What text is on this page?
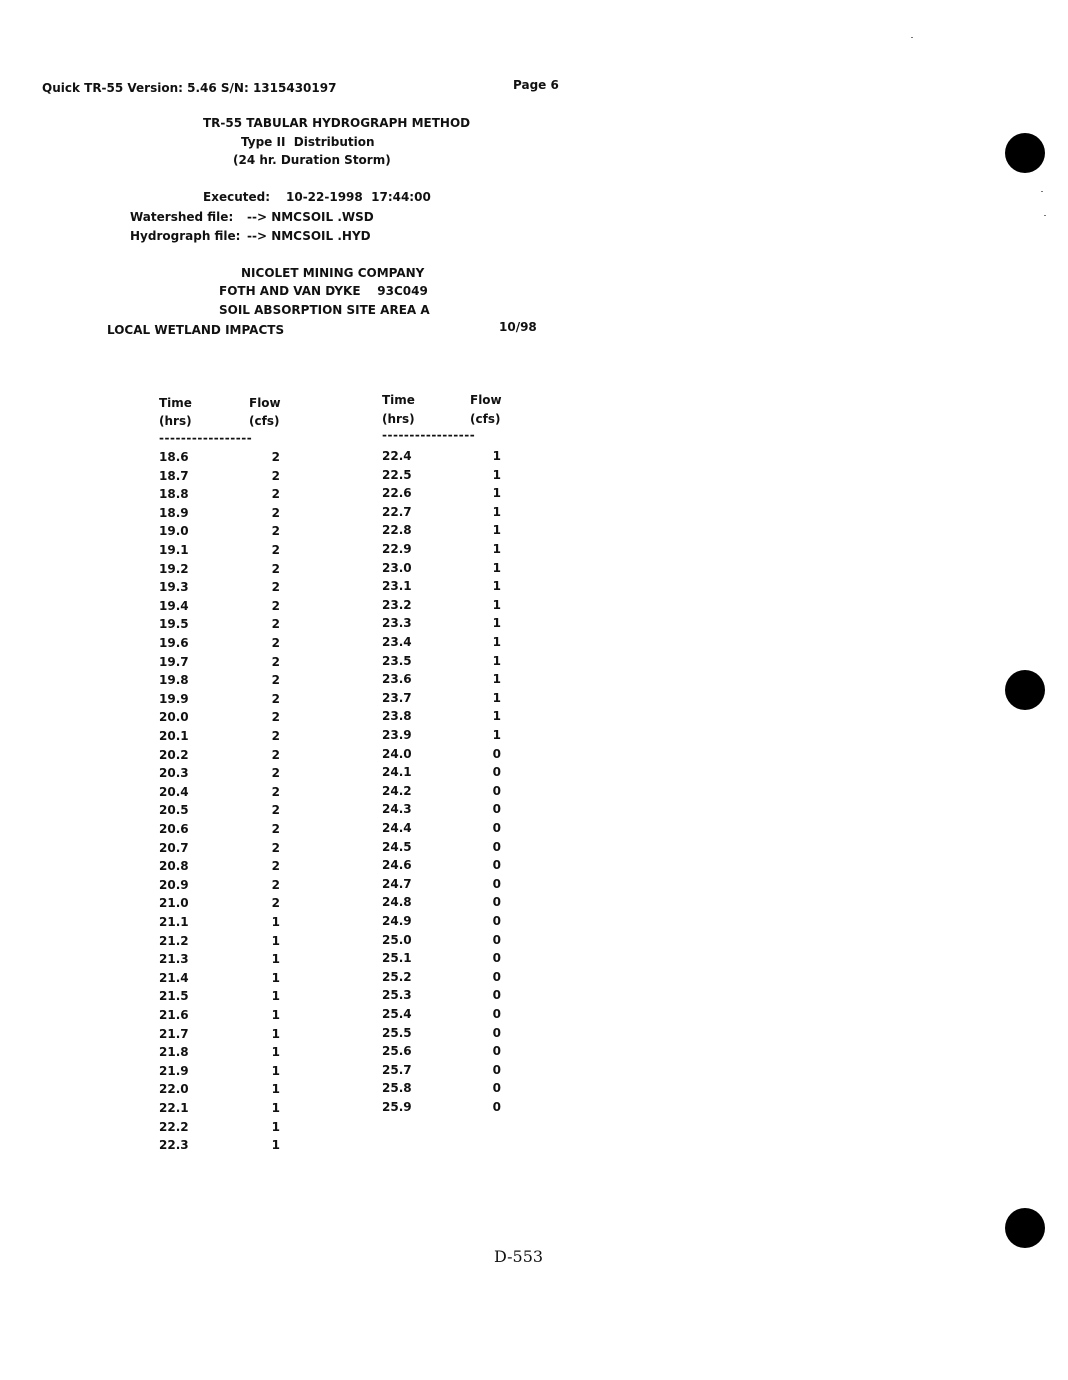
Quick TR-55 Version: 5.46 S/N: 1315430197	Page 6
TR-55 TABULAR HYDROGRAPH METHOD
Type II  Distribution
(24 hr. Duration Storm)
Executed: 10-22-1998  17:44:00
Watershed file: --> NMCSOIL .WSD
Hydrograph file: --> NMCSOIL .HYD
NICOLET MINING COMPANY
FOTH AND VAN DYKE    93C049
SOIL ABSORPTION SITE AREA A
LOCAL WETLAND IMPACTS	10/98
Time	Flow
(hrs)	(cfs)
-----------------
18.6	2
18.7	2
18.8	2
18.9	2
19.0	2
19.1	2
19.2	2
19.3	2
19.4	2
19.5	2
19.6	2
19.7	2
19.8	2
19.9	2
20.0	2
20.1	2
20.2	2
20.3	2
20.4	2
20.5	2
20.6	2
20.7	2
20.8	2
20.9	2
21.0	2
21.1	1
21.2	1
21.3	1
21.4	1
21.5	1
21.6	1
21.7	1
21.8	1
21.9	1
22.0	1
22.1	1
22.2	1
22.3	1
Time	Flow
(hrs)	(cfs)
-----------------
22.4	1
22.5	1
22.6	1
22.7	1
22.8	1
22.9	1
23.0	1
23.1	1
23.2	1
23.3	1
23.4	1
23.5	1
23.6	1
23.7	1
23.8	1
23.9	1
24.0	0
24.1	0
24.2	0
24.3	0
24.4	0
24.5	0
24.6	0
24.7	0
24.8	0
24.9	0
25.0	0
25.1	0
25.2	0
25.3	0
25.4	0
25.5	0
25.6	0
25.7	0
25.8	0
25.9	0
D-553
